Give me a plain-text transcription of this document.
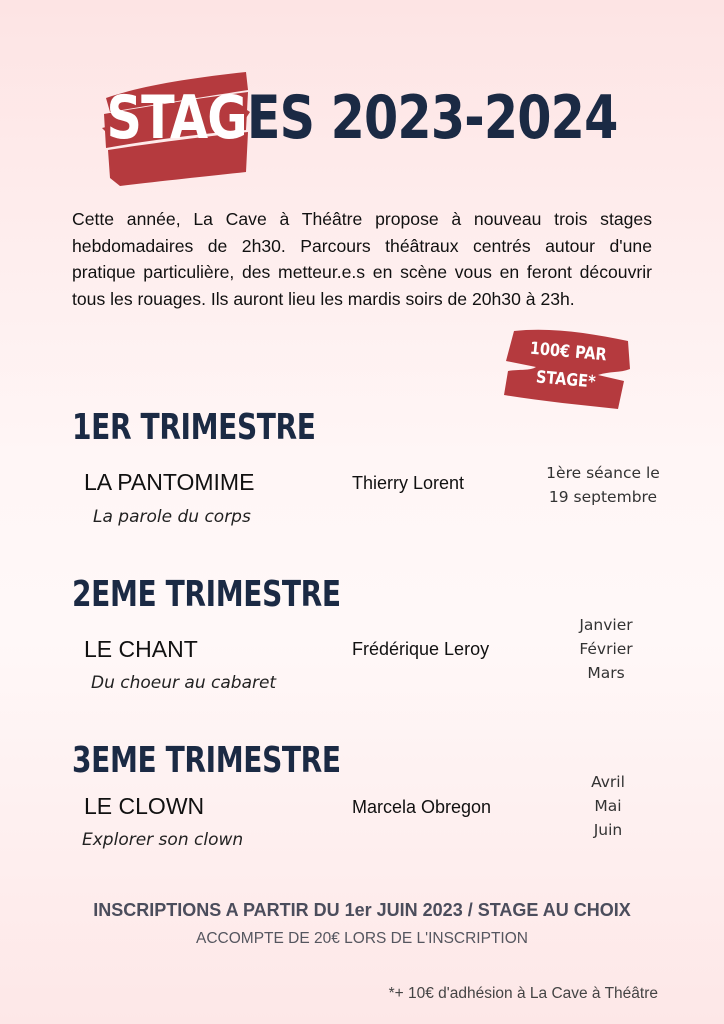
STAGES 2023-2024
Cette année, La Cave à Théâtre propose à nouveau trois stages hebdomadaires de 2h30. Parcours théâtraux centrés autour d'une pratique particulière, des metteur.e.s en scène vous en feront découvrir tous les rouages. Ils auront lieu les mardis soirs de 20h30 à 23h.
100€ PAR
STAGE*
1ER TRIMESTRE
LA PANTOMIME
La parole du corps
Thierry Lorent	1ère séance le
19 septembre
2EME TRIMESTRE
LE CHANT
Du choeur au cabaret
Frédérique Leroy
Janvier
Février
Mars
3EME TRIMESTRE
LE CLOWN
Explorer son clown
Marcela Obregon
Avril
Mai
Juin
INSCRIPTIONS A PARTIR DU 1er JUIN 2023 / STAGE AU CHOIX
ACCOMPTE DE 20€ LORS DE L'INSCRIPTION
*+ 10€ d'adhésion à La Cave à Théâtre
